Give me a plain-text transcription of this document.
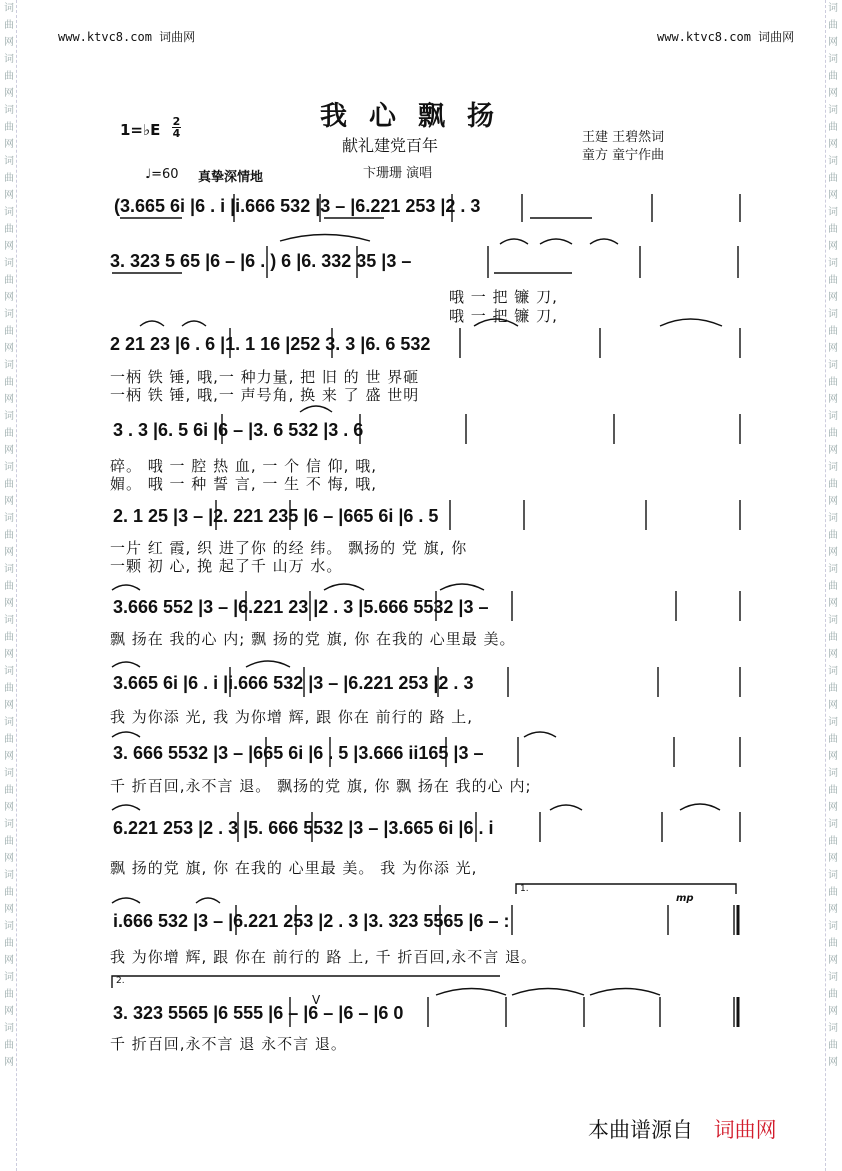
词曲网词曲网词曲网词曲网词曲网词曲网词曲网词曲网词曲网词曲网词曲网词曲网词曲网词曲网词曲网词曲网词曲网词曲网词曲网词曲网词曲网
词曲网词曲网词曲网词曲网词曲网词曲网词曲网词曲网词曲网词曲网词曲网词曲网词曲网词曲网词曲网词曲网词曲网词曲网词曲网词曲网词曲网
www.ktvc8.com 词曲网	www.ktvc8.com 词曲网
我心飘扬
献礼建党百年
卞珊珊 演唱
王建 王碧然词
童方 童宁作曲
1=♭E 2
4
♩=60 真挚深情地
(3.665 6i |6 . i |i.666 532 |3 – |6.221 253 |2 . 3
3. 323 5 65 |6 – |6 . ) 6 |6. 332 35 |3 –
哦 一 把 镰 刀,
哦 一 把 镰 刀,
2 21 23 |6 . 6 |1. 1 16 |252 3. 3 |6. 6 532
一柄 铁 锤, 哦,一 种力量, 把 旧 的 世 界砸
一柄 铁 锤, 哦,一 声号角, 换 来 了 盛 世明
3 . 3 |6. 5 6i |6 – |3. 6 532 |3 . 6
碎。 哦 一 腔 热 血, 一 个 信 仰, 哦,
媚。 哦 一 种 誓 言, 一 生 不 悔, 哦,
2. 1 25 |3 – |2. 221 235 |6 – |665 6i |6 . 5
一片 红 霞, 织 进了你 的经 纬。 飘扬的 党 旗, 你
一颗 初 心, 挽 起了千 山万 水。
3.666 552 |3 – |6.221 23 |2 . 3 |5.666 5532 |3 –
飘 扬在 我的心 内; 飘 扬的党 旗, 你 在我的 心里最 美。
3.665 6i |6 . i |i.666 532 |3 – |6.221 253 |2 . 3
我 为你添 光, 我 为你增 辉, 跟 你在 前行的 路 上,
3. 666 5532 |3 – |665 6i |6 . 5 |3.666 ii165 |3 –
千 折百回,永不言 退。 飘扬的党 旗, 你 飘 扬在 我的心 内;
6.221 253 |2 . 3 |5. 666 5532 |3 – |3.665 6i |6 . i
飘 扬的党 旗, 你 在我的 心里最 美。 我 为你添 光,
i.666 532 |3 – |6.221 253 |2 . 3 |3. 323 5565 |6 – :
我 为你增 辉, 跟 你在 前行的 路 上, 千 折百回,永不言 退。
3. 323 5565 |6 555 |6 – |6 – |6 – |6 0
千 折百回,永不言 退 永不言 退。
1.
2.
mp
V
本曲谱源自 词曲网
